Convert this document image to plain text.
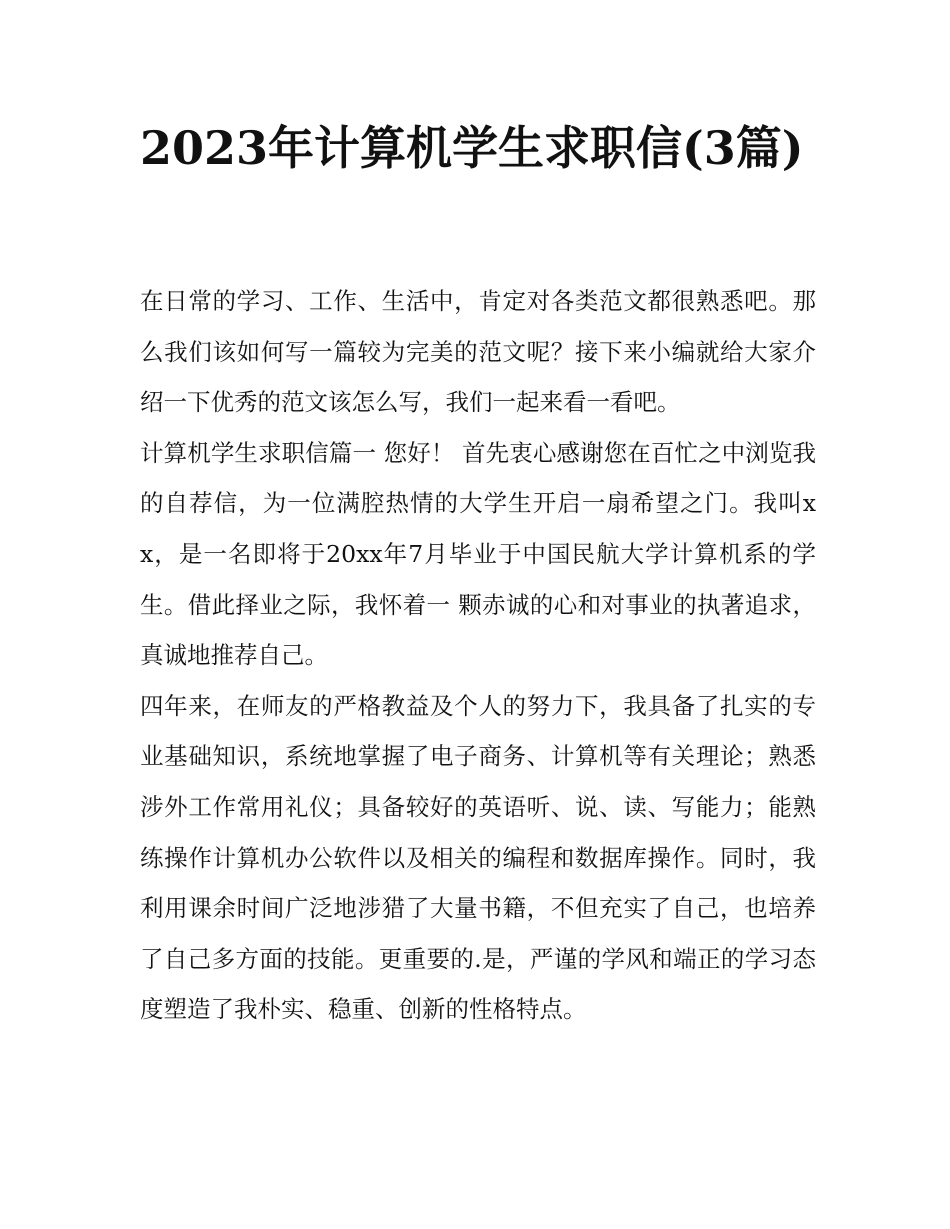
2023年计算机学生求职信(3篇)

在日常的学习、工作、生活中，肯定对各类范文都很熟悉吧。那么我们该如何写一篇较为完美的范文呢？接下来小编就给大家介绍一下优秀的范文该怎么写，我们一起来看一看吧。

计算机学生求职信篇一 您好！ 首先衷心感谢您在百忙之中浏览我的自荐信，为一位满腔热情的大学生开启一扇希望之门。我叫xx，是一名即将于20xx年7月毕业于中国民航大学计算机系的学生。借此择业之际，我怀着一 颗赤诚的心和对事业的执著追求，真诚地推荐自己。

四年来，在师友的严格教益及个人的努力下，我具备了扎实的专业基础知识，系统地掌握了电子商务、计算机等有关理论；熟悉涉外工作常用礼仪；具备较好的英语听、说、读、写能力；能熟练操作计算机办公软件以及相关的编程和数据库操作。同时，我利用课余时间广泛地涉猎了大量书籍，不但充实了自己，也培养了自己多方面的技能。更重要的.是，严谨的学风和端正的学习态度塑造了我朴实、稳重、创新的性格特点。
